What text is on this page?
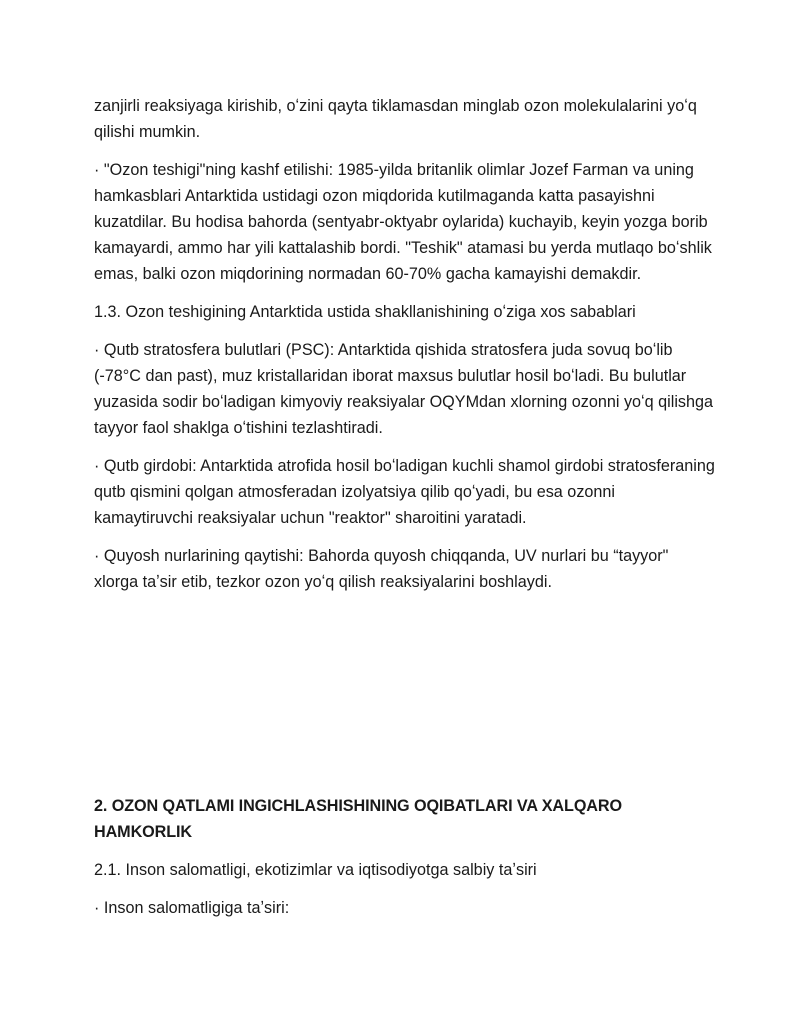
zanjirli reaksiyaga kirishib, oʻzini qayta tiklamasdan minglab ozon molekulalarini yoʻq qilishi mumkin.

· "Ozon teshigi"ning kashf etilishi: 1985-yilda britanlik olimlar Jozef Farman va uning hamkasblari Antarktida ustidagi ozon miqdorida kutilmaganda katta pasayishni kuzatdilar. Bu hodisa bahorda (sentyabr-oktyabr oylarida) kuchayib, keyin yozga borib kamayardi, ammo har yili kattalashib bordi. "Teshik" atamasi bu yerda mutlaqo boʻshlik emas, balki ozon miqdorining normadan 60-70% gacha kamayishi demakdir.

1.3. Ozon teshigining Antarktida ustida shakllanishining oʻziga xos sabablari

· Qutb stratosfera bulutlari (PSC): Antarktida qishida stratosfera juda sovuq boʻlib (-78°C dan past), muz kristallaridan iborat maxsus bulutlar hosil boʻladi. Bu bulutlar yuzasida sodir boʻladigan kimyoviy reaksiyalar OQYMdan xlorning ozonni yoʻq qilishga tayyor faol shaklga oʻtishini tezlashtiradi.

· Qutb girdobi: Antarktida atrofida hosil boʻladigan kuchli shamol girdobi stratosferaning qutb qismini qolgan atmosferadan izolyatsiya qilib qoʻyadi, bu esa ozonni kamaytiruvchi reaksiyalar uchun "reaktor" sharoitini yaratadi.

· Quyosh nurlarining qaytishi: Bahorda quyosh chiqqanda, UV nurlari bu “tayyor" xlorga taʼsir etib, tezkor ozon yoʻq qilish reaksiyalarini boshlaydi.

2. OZON QATLAMI INGICHLASHISHINING OQIBATLARI VA XALQARO HAMKORLIK

2.1. Inson salomatligi, ekotizimlar va iqtisodiyotga salbiy taʼsiri

· Inson salomatligiga taʼsiri:
